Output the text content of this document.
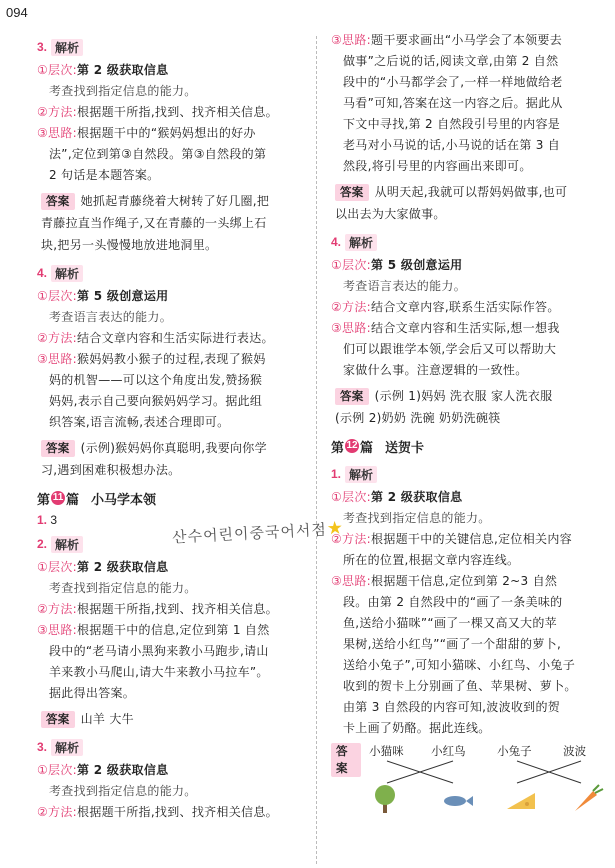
094
3. 解析
①层次:第 2 级获取信息
考查找到指定信息的能力。
②方法:根据题干所指,找到、找齐相关信息。
③思路:根据题干中的“猴妈妈想出的好办
法”,定位到第③自然段。第③自然段的第
2 句话是本题答案。
答案 她抓起青藤绕着大树转了好几圈,把
青藤拉直当作绳子,又在青藤的一头绑上石
块,把另一头慢慢地放进地洞里。
4. 解析
①层次:第 5 级创意运用
考查语言表达的能力。
②方法:结合文章内容和生活实际进行表达。
③思路:猴妈妈教小猴子的过程,表现了猴妈
妈的机智——可以这个角度出发,赞扬猴
妈妈,表示自己要向猴妈妈学习。据此组
织答案,语言流畅,表述合理即可。
答案 (示例)猴妈妈你真聪明,我要向你学
习,遇到困难积极想办法。
第 11 篇 小马学本领
1. 3
2. 解析
①层次:第 2 级获取信息
考查找到指定信息的能力。
②方法:根据题干所指,找到、找齐相关信息。
③思路:根据题干中的信息,定位到第 1 自然
段中的“老马请小黑狗来教小马跑步,请山
羊来教小马爬山,请大牛来教小马拉车”。
据此得出答案。
答案 山羊 大牛
3. 解析
①层次:第 2 级获取信息
考查找到指定信息的能力。
②方法:根据题干所指,找到、找齐相关信息。
③思路:题干要求画出“小马学会了本领要去
做事”之后说的话,阅读文章,由第 2 自然
段中的“小马都学会了,一样一样地做给老
马看”可知,答案在这一内容之后。据此从
下文中寻找,第 2 自然段引号里的内容是
老马对小马说的话,小马说的话在第 3 自
然段,将引号里的内容画出来即可。
答案 从明天起,我就可以帮妈妈做事,也可
以出去为大家做事。
4. 解析
①层次:第 5 级创意运用
考查语言表达的能力。
②方法:结合文章内容,联系生活实际作答。
③思路:结合文章内容和生活实际,想一想我
们可以跟谁学本领,学会后又可以帮助大
家做什么事。注意逻辑的一致性。
答案 (示例 1)妈妈 洗衣服 家人洗衣服
(示例 2)奶奶 洗碗 奶奶洗碗筷
第 12 篇 送贺卡
1. 解析
①层次:第 2 级获取信息
考查找到指定信息的能力。
②方法:根据题干中的关键信息,定位相关内容
所在的位置,根据文章内容连线。
③思路:根据题干信息,定位到第 2~3 自然
段。由第 2 自然段中的“画了一条美味的
鱼,送给小猫咪”“画了一棵又高又大的苹
果树,送给小红鸟”“画了一个甜甜的萝卜,
送给小兔子”,可知小猫咪、小红鸟、小兔子
收到的贺卡上分别画了鱼、苹果树、萝卜。
由第 3 自然段的内容可知,波波收到的贺
卡上画了奶酪。据此连线。
答案
小猫咪 小红鸟	小兔子	波波
산수어린이중국어서점★
